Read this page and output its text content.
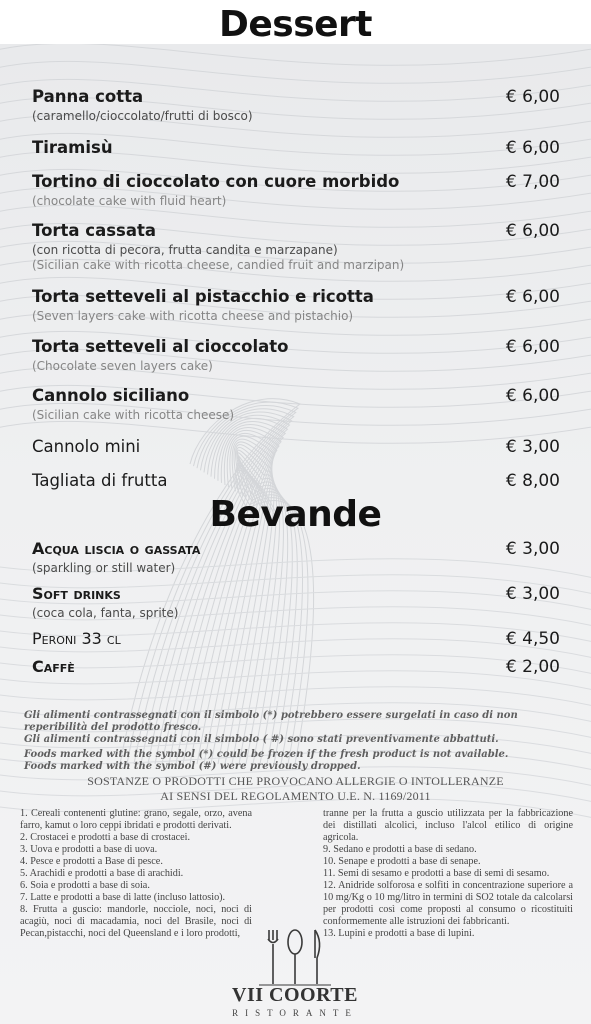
Dessert
Panna cotta	€ 6,00
(caramello/cioccolato/frutti di bosco)
Tiramisù	€ 6,00
Tortino di cioccolato con cuore morbido	€ 7,00
(chocolate cake with fluid heart)
Torta cassata	€ 6,00
(con ricotta di pecora, frutta candita e marzapane)
(Sicilian cake with ricotta cheese, candied fruit and marzipan)
Torta setteveli al pistacchio e ricotta	€ 6,00
(Seven layers cake with ricotta cheese and pistachio)
Torta setteveli al cioccolato	€ 6,00
(Chocolate seven layers cake)
Cannolo siciliano	€ 6,00
(Sicilian cake with ricotta cheese)
Cannolo mini	€ 3,00
Tagliata di frutta	€ 8,00
Bevande
Acqua liscia o gassata	€ 3,00
(sparkling or still water)
Soft drinks	€ 3,00
(coca cola, fanta, sprite)
Peroni 33 cl	€ 4,50
Caffè	€ 2,00
Gli alimenti contrassegnati con il simbolo (*) potrebbero essere surgelati in caso di non reperibilità del prodotto fresco.
Gli alimenti contrassegnati con il simbolo ( #) sono stati preventivamente abbattuti.
Foods marked with the symbol (*) could be frozen if the fresh product is not available.
Foods marked with the symbol (#) were previously dropped.
SOSTANZE O PRODOTTI CHE PROVOCANO ALLERGIE O INTOLLERANZE
AI SENSI DEL REGOLAMENTO U.E. N. 1169/2011
1. Cereali contenenti glutine: grano, segale, orzo, avena farro, kamut o loro ceppi ibridati e prodotti derivati.
2. Crostacei e prodotti a base di crostacei.
3. Uova e prodotti a base di uova.
4. Pesce e prodotti a Base di pesce.
5. Arachidi e prodotti a base di arachidi.
6. Soia e prodotti a base di soia.
7. Latte e prodotti a base di latte (incluso lattosio).
8. Frutta a guscio: mandorle, nocciole, noci, noci di acagiù, noci di macadamia, noci del Brasile, noci di Pecan,pistacchi, noci del Queensland e i loro prodotti,
tranne per la frutta a guscio utilizzata per la fabbricazione dei distillati alcolici, incluso l'alcol etilico di origine agricola.
9. Sedano e prodotti a base di sedano.
10. Senape e prodotti a base di senape.
11. Semi di sesamo e prodotti a base di semi di sesamo.
12. Anidride solforosa e solfiti in concentrazione superiore a 10 mg/Kg o 10 mg/litro in termini di SO2 totale da calcolarsi per prodotti così come proposti al consumo o ricostituiti conformemente alle istruzioni dei fabbricanti.
13. Lupini e prodotti a base di lupini.
VII COORTE
RISTORANTE
